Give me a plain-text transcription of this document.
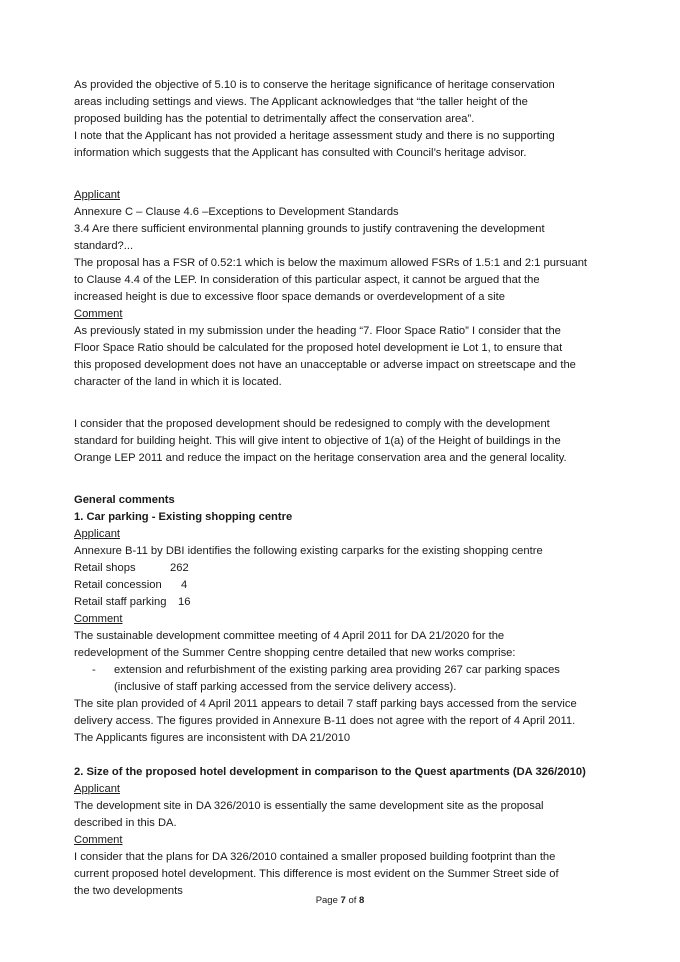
As provided the objective of 5.10 is to conserve the heritage significance of heritage conservation
areas including settings and views. The Applicant acknowledges that “the taller height of the
proposed building has the potential to detrimentally affect the conservation area”.
I note that the Applicant has not provided a heritage assessment study and there is no supporting
information which suggests that the Applicant has consulted with Council’s heritage advisor.

Applicant

Annexure C – Clause 4.6 –Exceptions to Development Standards
3.4 Are there sufficient environmental planning grounds to justify contravening the development
standard?...
The proposal has a FSR of 0.52:1 which is below the maximum allowed FSRs of 1.5:1 and 2:1 pursuant
to Clause 4.4 of the LEP. In consideration of this particular aspect, it cannot be argued that the
increased height is due to excessive floor space demands or overdevelopment of a site

Comment

As previously stated in my submission under the heading “7. Floor Space Ratio” I consider that the
Floor Space Ratio should be calculated for the proposed hotel development ie Lot 1, to ensure that
this proposed development does not have an unacceptable or adverse impact on streetscape and the
character of the land in which it is located.

I consider that the proposed development should be redesigned to comply with the development
standard for building height. This will give intent to objective of 1(a) of the Height of buildings in the
Orange LEP 2011 and reduce the impact on the heritage conservation area and the general locality.

General comments

1. Car parking - Existing shopping centre

Applicant

Annexure B-11 by DBI identifies the following existing carparks for the existing shopping centre

Retail shops	262
Retail concession	4
Retail staff parking	16

Comment

The sustainable development committee meeting of 4 April 2011 for DA 21/2020 for the
redevelopment of the Summer Centre shopping centre detailed that new works comprise:

-	extension and refurbishment of the existing parking area providing 267 car parking spaces
(inclusive of staff parking accessed from the service delivery access).

The site plan provided of 4 April 2011 appears to detail 7 staff parking bays accessed from the service
delivery access. The figures provided in Annexure B-11 does not agree with the report of 4 April 2011.
The Applicants figures are inconsistent with DA 21/2010

2. Size of the proposed hotel development in comparison to the Quest apartments (DA 326/2010)

Applicant

The development site in DA 326/2010 is essentially the same development site as the proposal
described in this DA.

Comment

I consider that the plans for DA 326/2010 contained a smaller proposed building footprint than the
current proposed hotel development. This difference is most evident on the Summer Street side of
the two developments

Page 7 of 8
